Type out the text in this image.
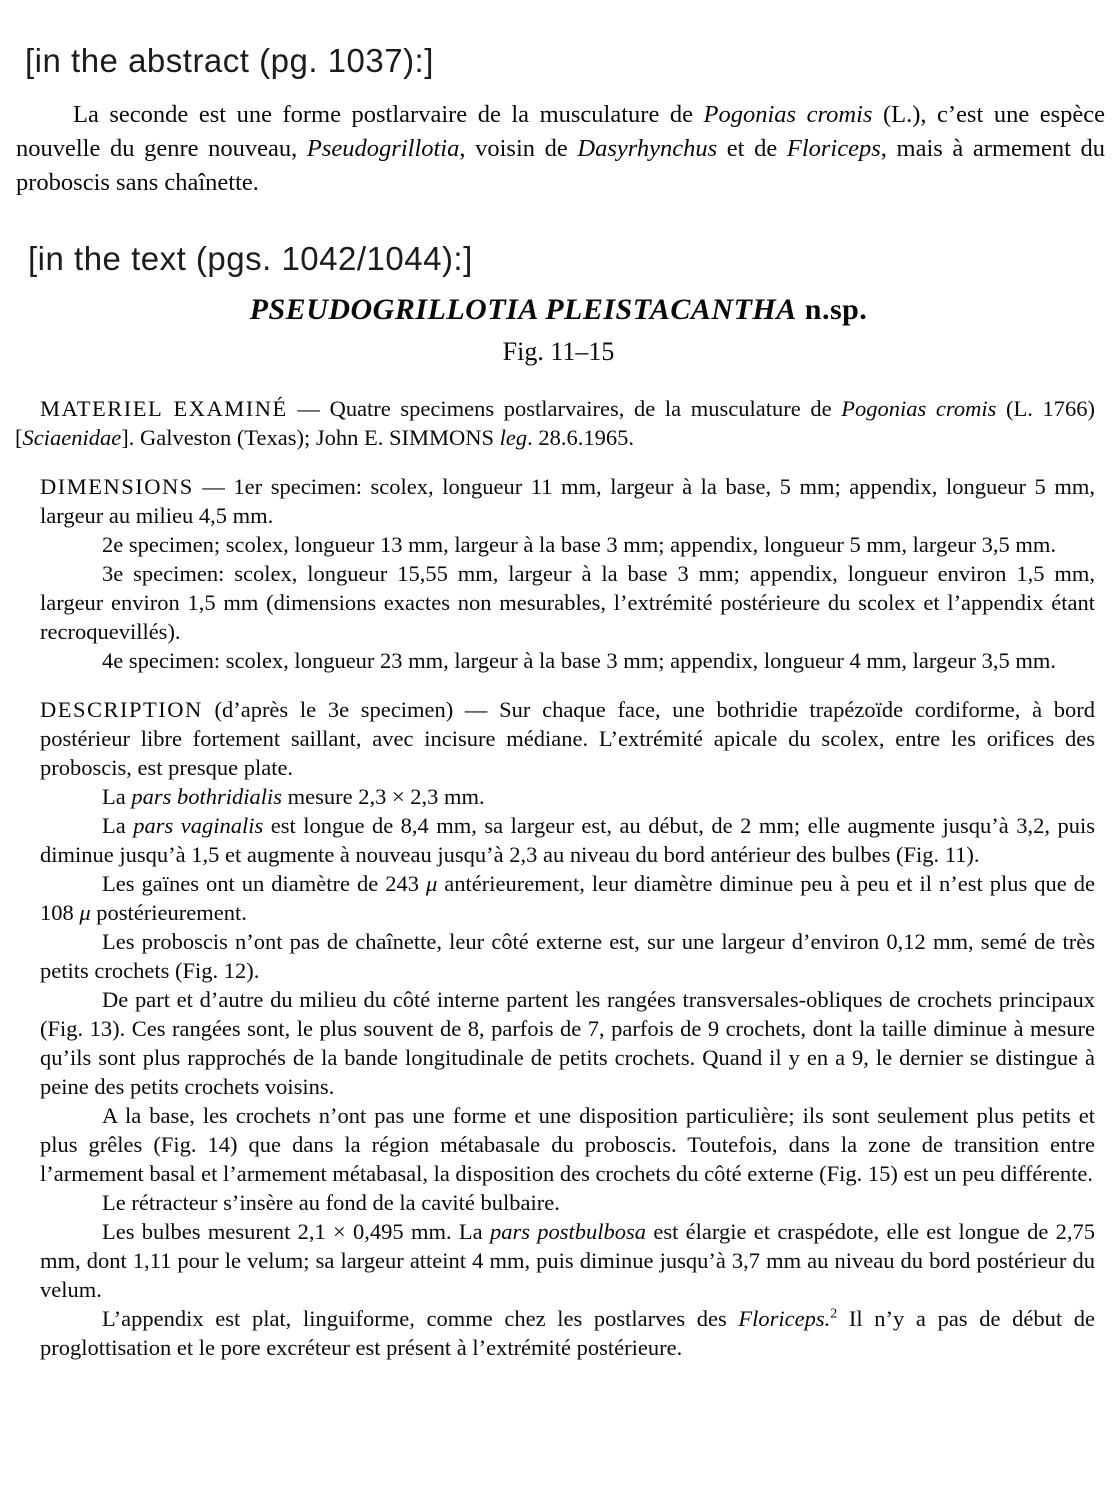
[in the abstract (pg. 1037):]

La seconde est une forme postlarvaire de la musculature de Pogonias cromis (L.), c’est une espèce nouvelle du genre nouveau, Pseudogrillotia, voisin de Dasyrhynchus et de Floriceps, mais à armement du proboscis sans chaînette.

[in the text (pgs. 1042/1044):]
PSEUDOGRILLOTIA PLEISTACANTHA n.sp.
Fig. 11–15

MATERIEL EXAMINÉ — Quatre specimens postlarvaires, de la musculature de Pogonias cromis (L. 1766) [Sciaenidae]. Galveston (Texas); John E. SIMMONS leg. 28.6.1965.

DIMENSIONS — 1er specimen: scolex, longueur 11 mm, largeur à la base, 5 mm; appendix, longueur 5 mm, largeur au milieu 4,5 mm.

2e specimen; scolex, longueur 13 mm, largeur à la base 3 mm; appendix, longueur 5 mm, largeur 3,5 mm.

3e specimen: scolex, longueur 15,55 mm, largeur à la base 3 mm; appendix, longueur environ 1,5 mm, largeur environ 1,5 mm (dimensions exactes non mesurables, l’extrémité postérieure du scolex et l’appendix étant recroquevillés).

4e specimen: scolex, longueur 23 mm, largeur à la base 3 mm; appendix, longueur 4 mm, largeur 3,5 mm.

DESCRIPTION (d’après le 3e specimen) — Sur chaque face, une bothridie trapézoïde cordiforme, à bord postérieur libre fortement saillant, avec incisure médiane. L’extrémité apicale du scolex, entre les orifices des proboscis, est presque plate.

La pars bothridialis mesure 2,3 × 2,3 mm.

La pars vaginalis est longue de 8,4 mm, sa largeur est, au début, de 2 mm; elle augmente jusqu’à 3,2, puis diminue jusqu’à 1,5 et augmente à nouveau jusqu’à 2,3 au niveau du bord antérieur des bulbes (Fig. 11).

Les gaïnes ont un diamètre de 243 μ antérieurement, leur diamètre diminue peu à peu et il n’est plus que de 108 μ postérieurement.

Les proboscis n’ont pas de chaînette, leur côté externe est, sur une largeur d’environ 0,12 mm, semé de très petits crochets (Fig. 12).

De part et d’autre du milieu du côté interne partent les rangées transversales-obliques de crochets principaux (Fig. 13). Ces rangées sont, le plus souvent de 8, parfois de 7, parfois de 9 crochets, dont la taille diminue à mesure qu’ils sont plus rapprochés de la bande longitudinale de petits crochets. Quand il y en a 9, le dernier se distingue à peine des petits crochets voisins.

A la base, les crochets n’ont pas une forme et une disposition particulière; ils sont seulement plus petits et plus grêles (Fig. 14) que dans la région métabasale du proboscis. Toutefois, dans la zone de transition entre l’armement basal et l’armement métabasal, la disposition des crochets du côté externe (Fig. 15) est un peu différente.

Le rétracteur s’insère au fond de la cavité bulbaire.

Les bulbes mesurent 2,1 × 0,495 mm. La pars postbulbosa est élargie et craspédote, elle est longue de 2,75 mm, dont 1,11 pour le velum; sa largeur atteint 4 mm, puis diminue jusqu’à 3,7 mm au niveau du bord postérieur du velum.

L’appendix est plat, linguiforme, comme chez les postlarves des Floriceps.$^2$ Il n’y a pas de début de proglottisation et le pore excréteur est présent à l’extrémité postérieure.
